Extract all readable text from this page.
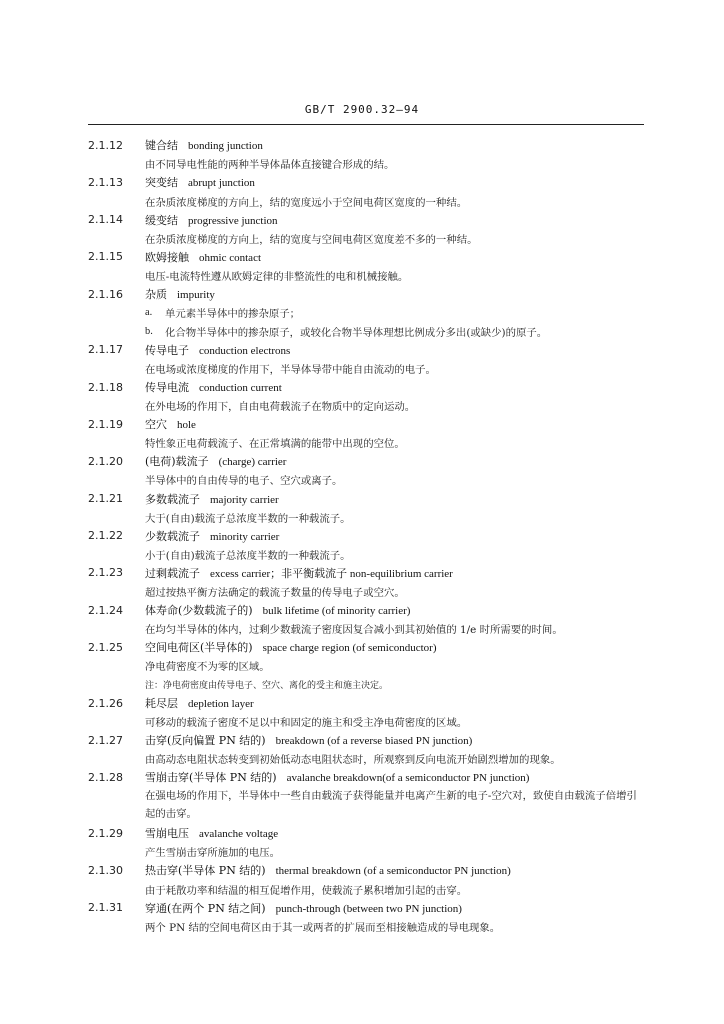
GB/T 2900.32—94
2.1.12	键合结 bonding junction
由不同导电性能的两种半导体晶体直接键合形成的结。
2.1.13	突变结 abrupt junction
在杂质浓度梯度的方向上，结的宽度远小于空间电荷区宽度的一种结。
2.1.14	缓变结 progressive junction
在杂质浓度梯度的方向上，结的宽度与空间电荷区宽度差不多的一种结。
2.1.15	欧姆接触 ohmic contact
电压-电流特性遵从欧姆定律的非整流性的电和机械接触。
2.1.16	杂质 impurity
a.	单元素半导体中的掺杂原子；
b.	化合物半导体中的掺杂原子，或较化合物半导体理想比例成分多出(或缺少)的原子。
2.1.17	传导电子 conduction electrons
在电场或浓度梯度的作用下，半导体导带中能自由流动的电子。
2.1.18	传导电流 conduction current
在外电场的作用下，自由电荷载流子在物质中的定向运动。
2.1.19	空穴 hole
特性象正电荷载流子、在正常填满的能带中出现的空位。
2.1.20	(电荷)载流子 (charge) carrier
半导体中的自由传导的电子、空穴或离子。
2.1.21	多数载流子 majority carrier
大于(自由)载流子总浓度半数的一种载流子。
2.1.22	少数载流子 minority carrier
小于(自由)载流子总浓度半数的一种载流子。
2.1.23	过剩载流子 excess carrier；非平衡载流子 non-equilibrium carrier
超过按热平衡方法确定的载流子数量的传导电子或空穴。
2.1.24	体寿命(少数载流子的) bulk lifetime (of minority carrier)
在均匀半导体的体内，过剩少数载流子密度因复合减小到其初始值的 1/e 时所需要的时间。
2.1.25	空间电荷区(半导体的) space charge region (of semiconductor)
净电荷密度不为零的区域。
注：净电荷密度由传导电子、空穴、离化的受主和施主决定。
2.1.26	耗尽层 depletion layer
可移动的载流子密度不足以中和固定的施主和受主净电荷密度的区域。
2.1.27	击穿(反向偏置 PN 结的) breakdown (of a reverse biased PN junction)
由高动态电阻状态转变到初始低动态电阻状态时，所观察到反向电流开始剧烈增加的现象。
2.1.28	雪崩击穿(半导体 PN 结的) avalanche breakdown(of a semiconductor PN junction)
在强电场的作用下，半导体中一些自由载流子获得能量并电离产生新的电子-空穴对，致使自由载流子倍增引起的击穿。
2.1.29	雪崩电压 avalanche voltage
产生雪崩击穿所施加的电压。
2.1.30	热击穿(半导体 PN 结的) thermal breakdown (of a semiconductor PN junction)
由于耗散功率和结温的相互促增作用，使载流子累积增加引起的击穿。
2.1.31	穿通(在两个 PN 结之间) punch-through (between two PN junction)
两个 PN 结的空间电荷区由于其一或两者的扩展而至相接触造成的导电现象。
